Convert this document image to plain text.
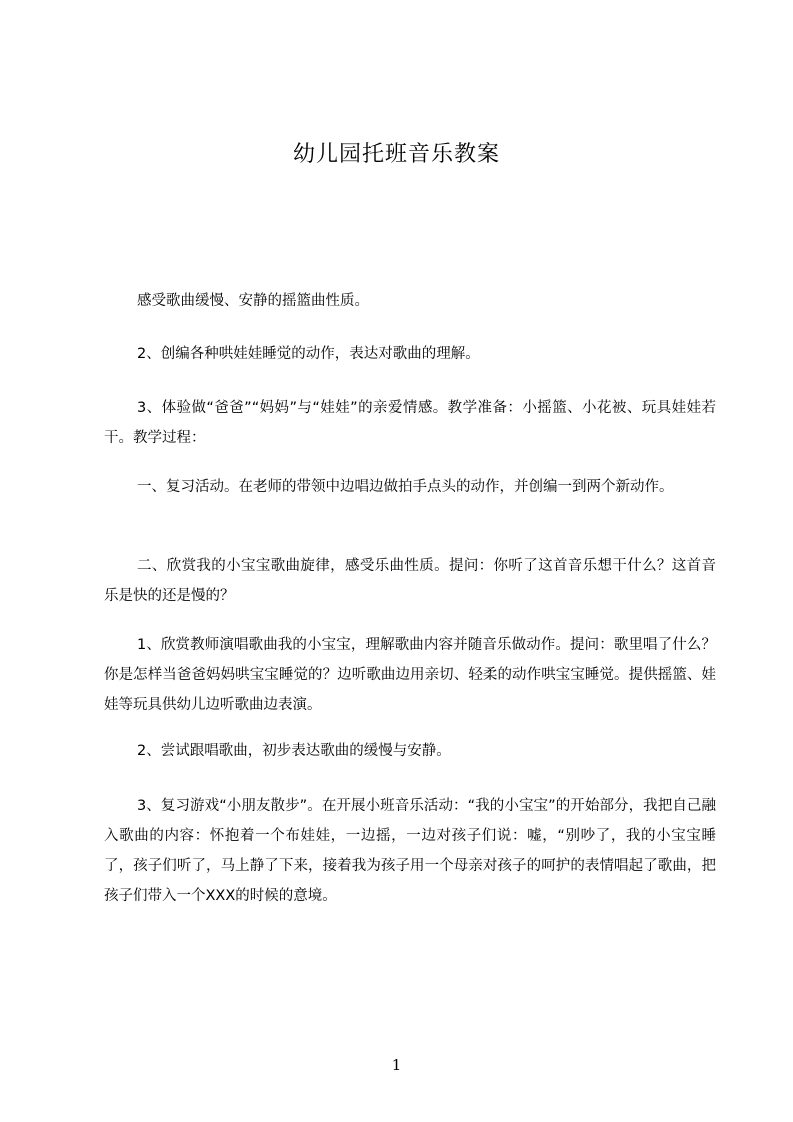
幼儿园托班音乐教案
感受歌曲缓慢、安静的摇篮曲性质。
2、创编各种哄娃娃睡觉的动作，表达对歌曲的理解。
3、体验做“爸爸”“妈妈”与“娃娃”的亲爱情感。教学准备：小摇篮、小花被、玩具娃娃若干。教学过程：
一、复习活动。在老师的带领中边唱边做拍手点头的动作，并创编一到两个新动作。
二、欣赏我的小宝宝歌曲旋律，感受乐曲性质。提问：你听了这首音乐想干什么？这首音乐是快的还是慢的？
1、欣赏教师演唱歌曲我的小宝宝，理解歌曲内容并随音乐做动作。提问：歌里唱了什么？你是怎样当爸爸妈妈哄宝宝睡觉的？边听歌曲边用亲切、轻柔的动作哄宝宝睡觉。提供摇篮、娃娃等玩具供幼儿边听歌曲边表演。
2、尝试跟唱歌曲，初步表达歌曲的缓慢与安静。
3、复习游戏“小朋友散步”。在开展小班音乐活动：“我的小宝宝”的开始部分，我把自己融入歌曲的内容：怀抱着一个布娃娃，一边摇，一边对孩子们说：嘘，“别吵了，我的小宝宝睡了，孩子们听了，马上静了下来，接着我为孩子用一个母亲对孩子的呵护的表情唱起了歌曲，把孩子们带入一个XXX的时候的意境。
1
